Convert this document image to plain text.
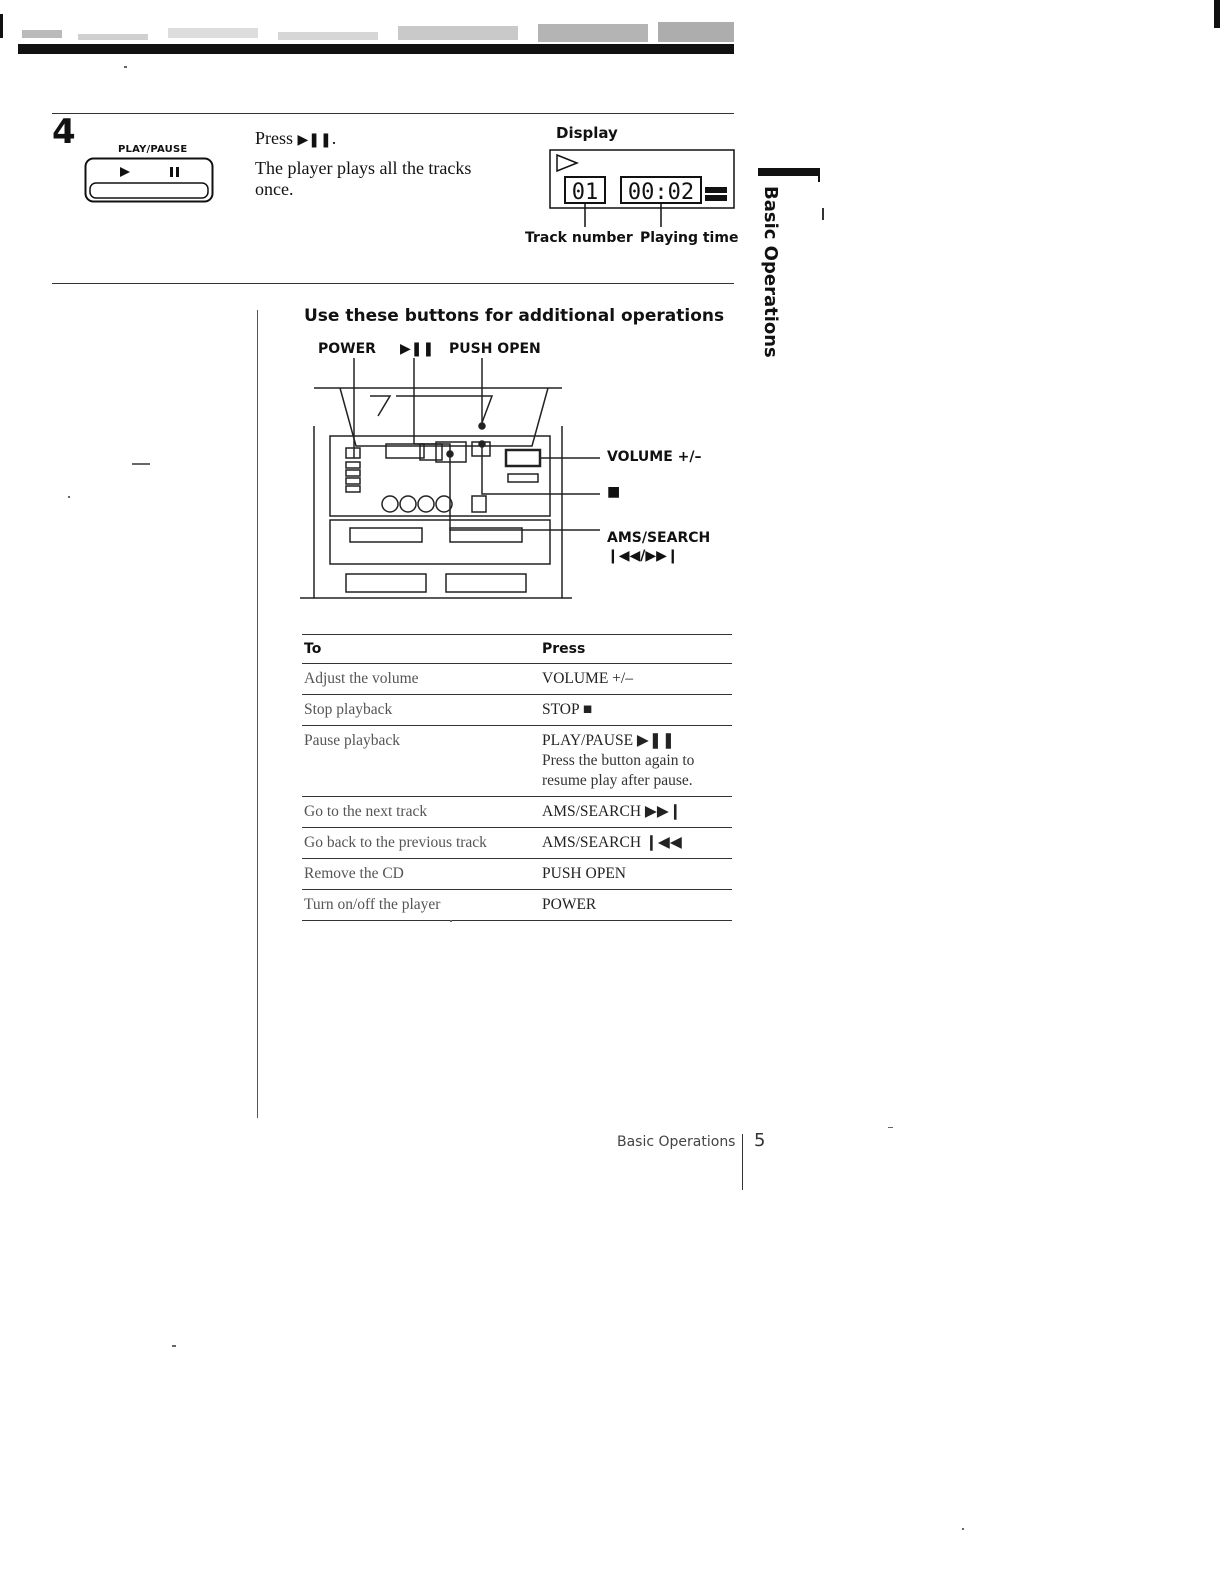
4	PLAY/PAUSE
Press ▶❚❚.
The player plays all the tracks once.
Display
01 00:02
Track number Playing time Basic Operations
Use these buttons for additional operations
POWER ▶❚❚ PUSH OPEN
VOLUME +/–
■
AMS/SEARCH
❙◀◀/▶▶❙
To	Press
Adjust the volume	VOLUME +/–
Stop playback	STOP ■
Pause playback	PLAY/PAUSE ▶❚❚
Press the button again to resume play after pause.

Go to the next track	AMS/SEARCH ▶▶❙
Go back to the previous track	AMS/SEARCH ❙◀◀
Remove the CD	PUSH OPEN
Turn on/off the player	POWER
Basic Operations 5
